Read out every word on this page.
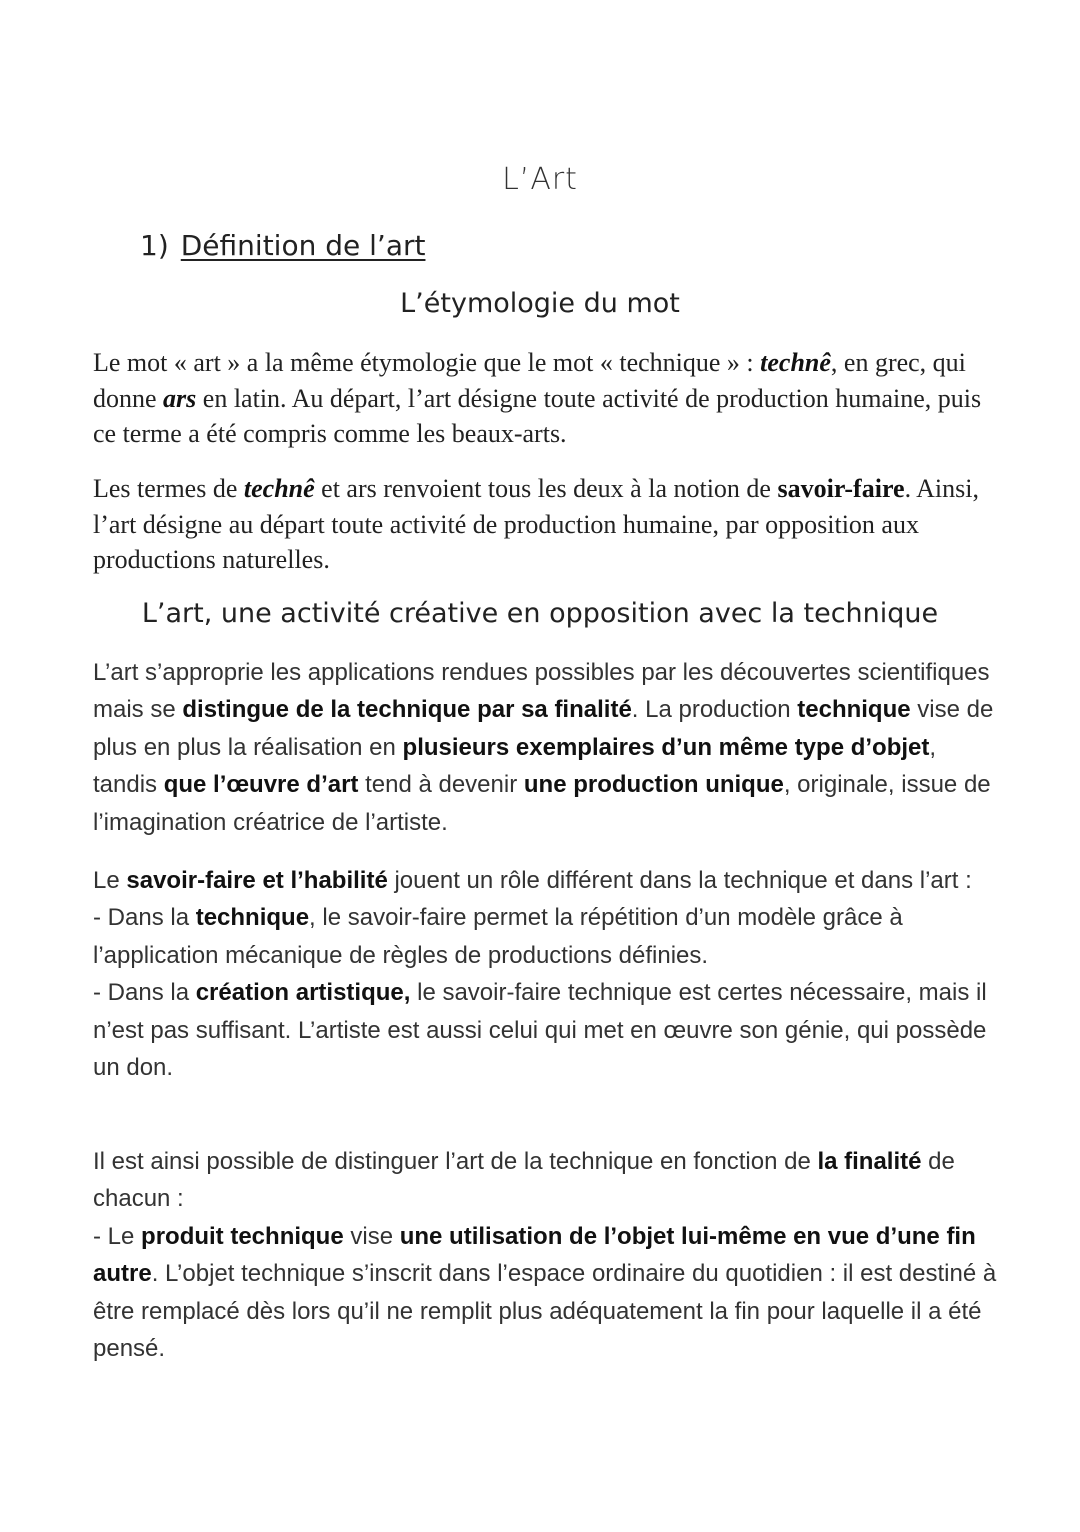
L’Art
1) Définition de l’art
L’étymologie du mot

Le mot « art » a la même étymologie que le mot « technique » : technê, en grec, qui donne ars en latin. Au départ, l’art désigne toute activité de production humaine, puis ce terme a été compris comme les beaux-arts.

Les termes de technê et ars renvoient tous les deux à la notion de savoir-faire. Ainsi, l’art désigne au départ toute activité de production humaine, par opposition aux productions naturelles.

L’art, une activité créative en opposition avec la technique

L’art s’approprie les applications rendues possibles par les découvertes scientifiques mais se distingue de la technique par sa finalité. La production technique vise de plus en plus la réalisation en plusieurs exemplaires d’un même type d’objet, tandis que l’œuvre d’art tend à devenir une production unique, originale, issue de l’imagination créatrice de l’artiste.

Le savoir-faire et l’habilité jouent un rôle différent dans la technique et dans l’art :

- Dans la technique, le savoir-faire permet la répétition d’un modèle grâce à l’application mécanique de règles de productions définies.

- Dans la création artistique, le savoir-faire technique est certes nécessaire, mais il n’est pas suffisant. L’artiste est aussi celui qui met en œuvre son génie, qui possède un don.

Il est ainsi possible de distinguer l’art de la technique en fonction de la finalité de chacun :

- Le produit technique vise une utilisation de l’objet lui-même en vue d’une fin autre. L’objet technique s’inscrit dans l’espace ordinaire du quotidien : il est destiné à être remplacé dès lors qu’il ne remplit plus adéquatement la fin pour laquelle il a été pensé.
